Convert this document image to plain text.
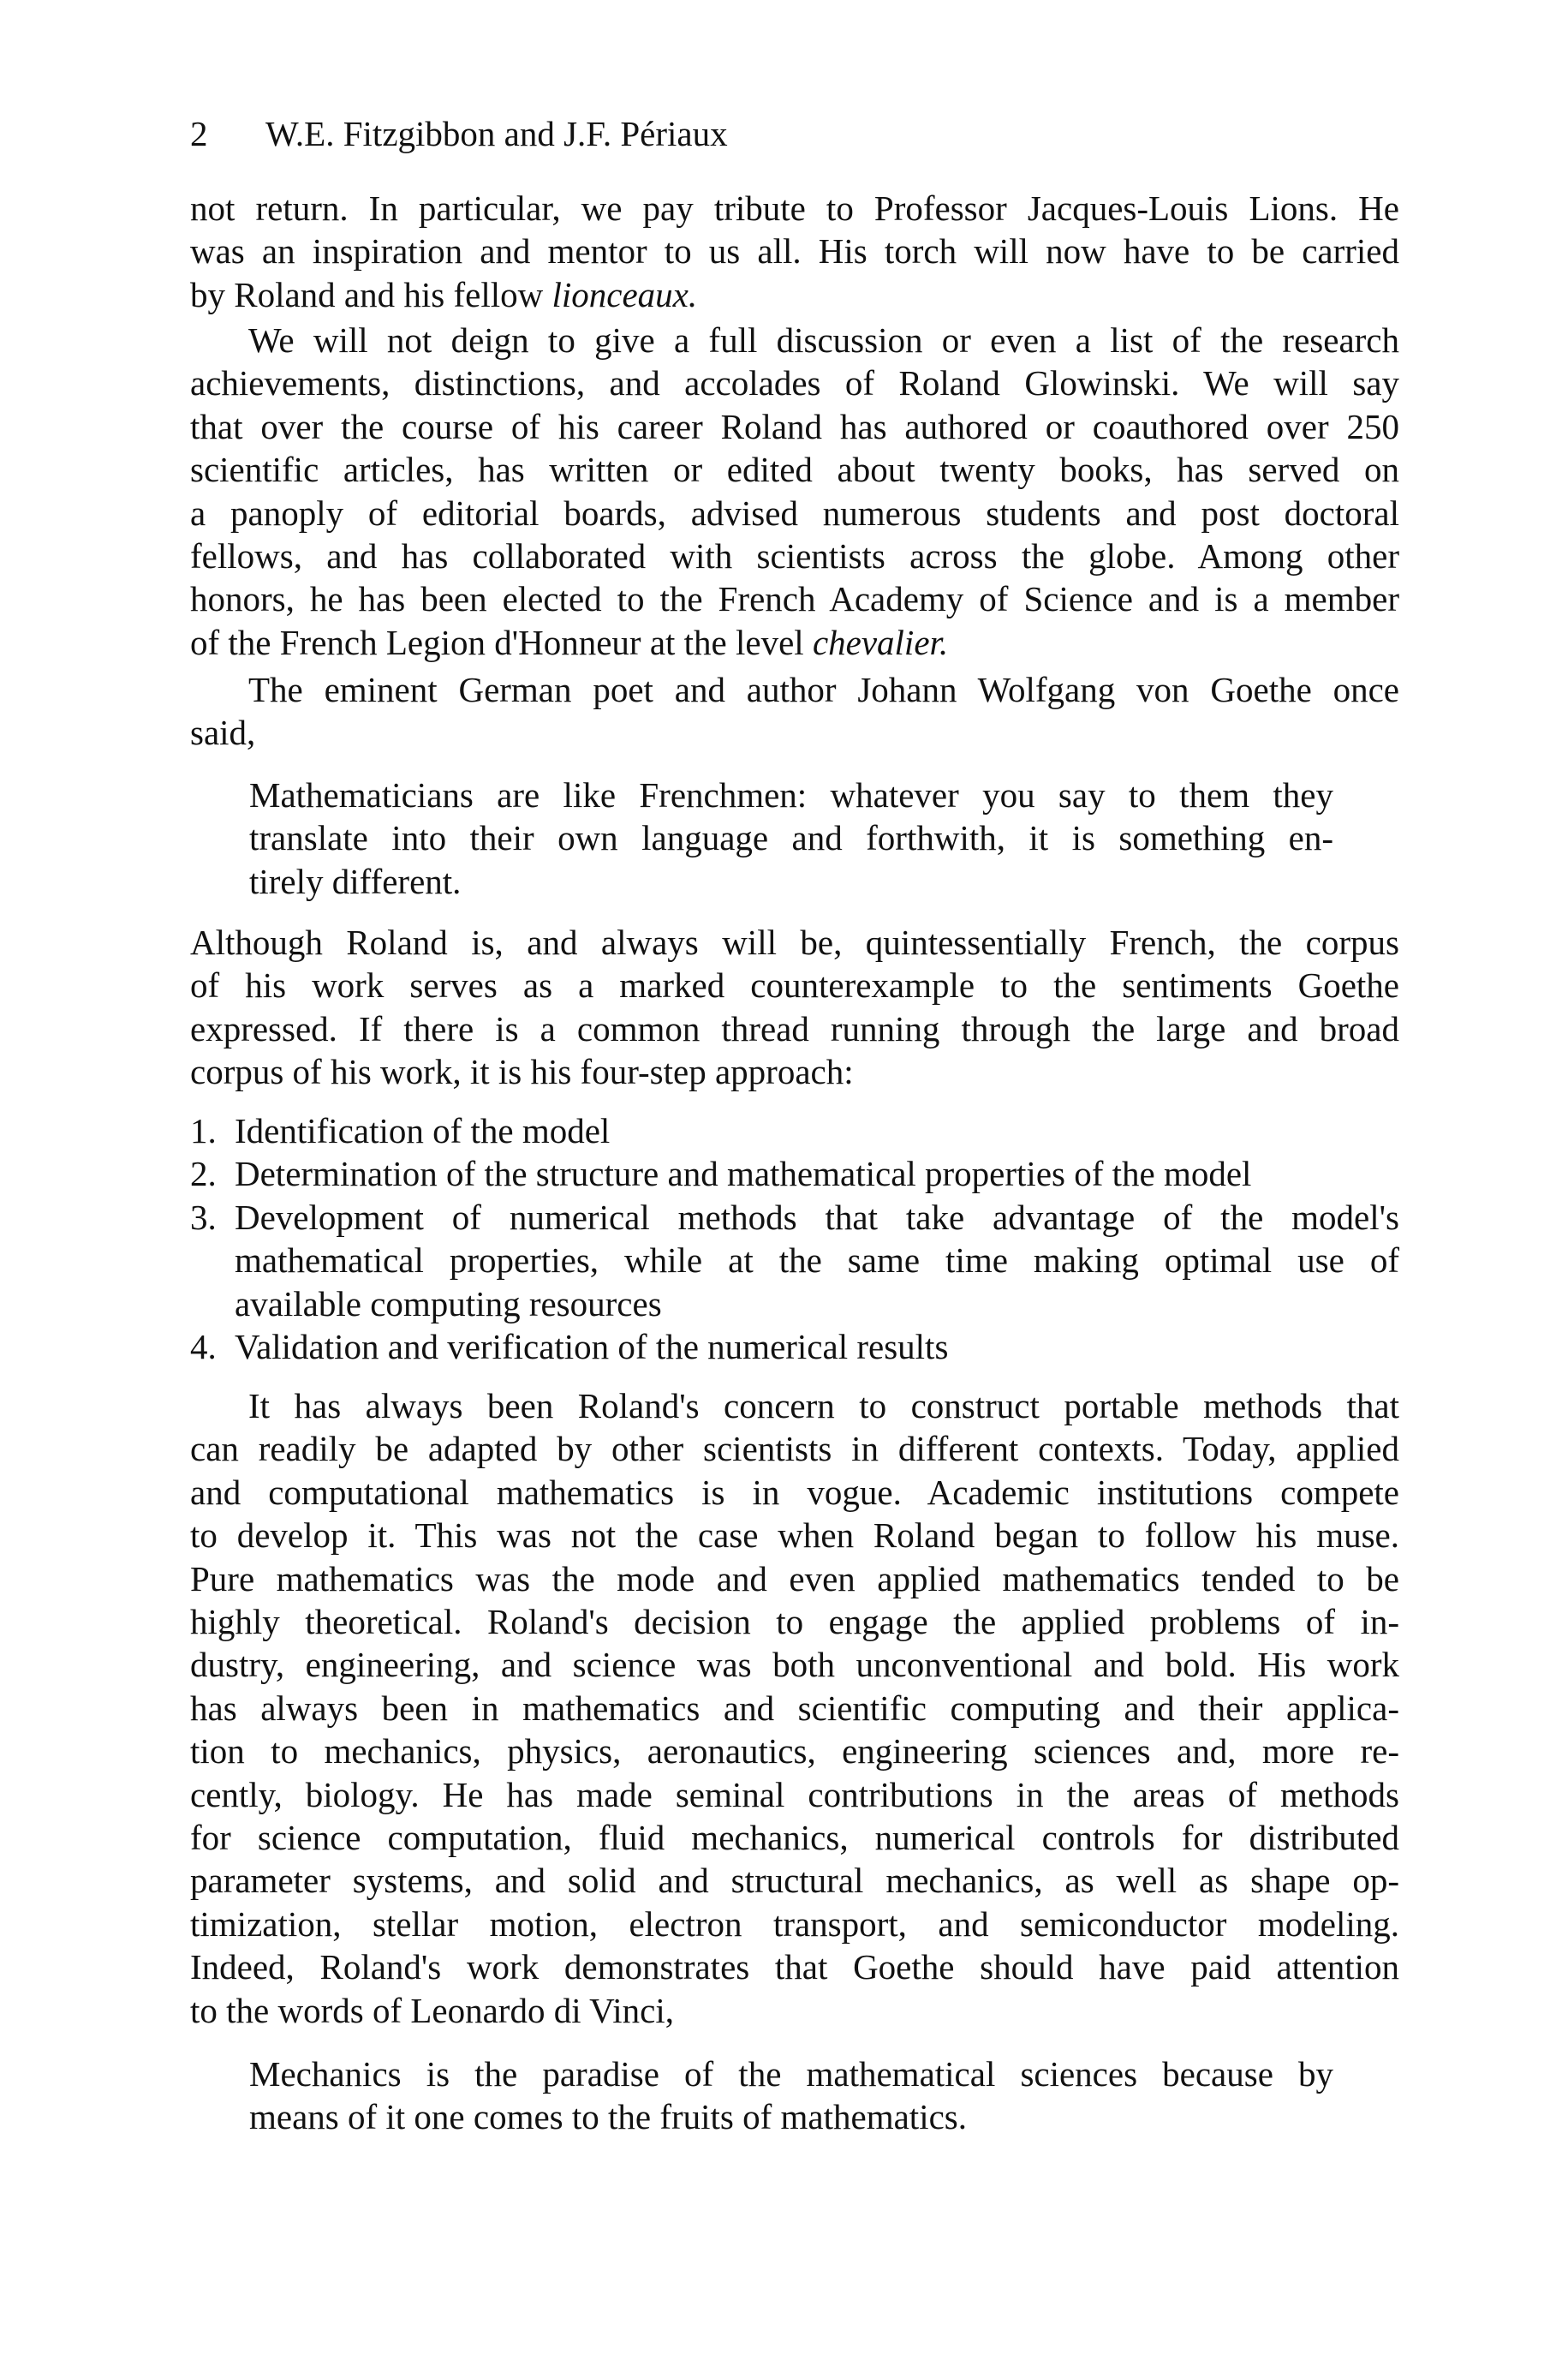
2 W.E. Fitzgibbon and J.F. Périaux
not return. In particular, we pay tribute to Professor Jacques-Louis Lions. He
was an inspiration and mentor to us all. His torch will now have to be carried
by Roland and his fellow lionceaux.
We will not deign to give a full discussion or even a list of the research
achievements, distinctions, and accolades of Roland Glowinski. We will say
that over the course of his career Roland has authored or coauthored over 250
scientific articles, has written or edited about twenty books, has served on
a panoply of editorial boards, advised numerous students and post doctoral
fellows, and has collaborated with scientists across the globe. Among other
honors, he has been elected to the French Academy of Science and is a member
of the French Legion d'Honneur at the level chevalier.
The eminent German poet and author Johann Wolfgang von Goethe once
said,
Mathematicians are like Frenchmen: whatever you say to them they
translate into their own language and forthwith, it is something en-
tirely different.
Although Roland is, and always will be, quintessentially French, the corpus
of his work serves as a marked counterexample to the sentiments Goethe
expressed. If there is a common thread running through the large and broad
corpus of his work, it is his four-step approach:
1. Identification of the model
2. Determination of the structure and mathematical properties of the model
3. Development of numerical methods that take advantage of the model's
mathematical properties, while at the same time making optimal use of
available computing resources
4. Validation and verification of the numerical results
It has always been Roland's concern to construct portable methods that
can readily be adapted by other scientists in different contexts. Today, applied
and computational mathematics is in vogue. Academic institutions compete
to develop it. This was not the case when Roland began to follow his muse.
Pure mathematics was the mode and even applied mathematics tended to be
highly theoretical. Roland's decision to engage the applied problems of in-
dustry, engineering, and science was both unconventional and bold. His work
has always been in mathematics and scientific computing and their applica-
tion to mechanics, physics, aeronautics, engineering sciences and, more re-
cently, biology. He has made seminal contributions in the areas of methods
for science computation, fluid mechanics, numerical controls for distributed
parameter systems, and solid and structural mechanics, as well as shape op-
timization, stellar motion, electron transport, and semiconductor modeling.
Indeed, Roland's work demonstrates that Goethe should have paid attention
to the words of Leonardo di Vinci,
Mechanics is the paradise of the mathematical sciences because by
means of it one comes to the fruits of mathematics.
